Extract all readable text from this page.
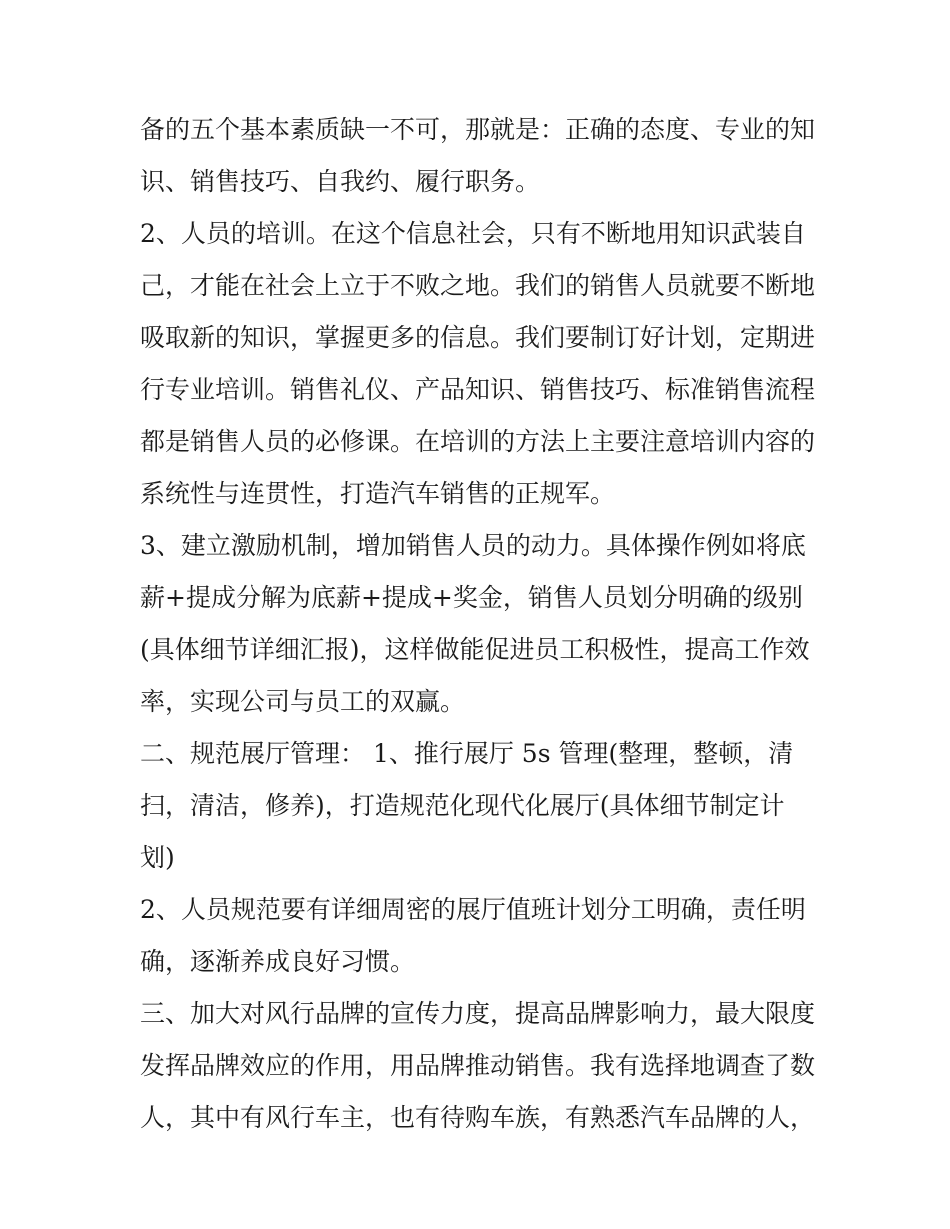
备的五个基本素质缺一不可，那就是：正确的态度、专业的知
识、销售技巧、自我约、履行职务。
2、人员的培训。在这个信息社会，只有不断地用知识武装自
己，才能在社会上立于不败之地。我们的销售人员就要不断地
吸取新的知识，掌握更多的信息。我们要制订好计划，定期进
行专业培训。销售礼仪、产品知识、销售技巧、标准销售流程
都是销售人员的必修课。在培训的方法上主要注意培训内容的
系统性与连贯性，打造汽车销售的正规军。
3、建立激励机制，增加销售人员的动力。具体操作例如将底
薪+提成分解为底薪+提成+奖金，销售人员划分明确的级别
(具体细节详细汇报)，这样做能促进员工积极性，提高工作效
率，实现公司与员工的双赢。
二、规范展厅管理： 1、推行展厅 5s 管理(整理，整顿，清
扫，清洁，修养)，打造规范化现代化展厅(具体细节制定计
划)
2、人员规范要有详细周密的展厅值班计划分工明确，责任明
确，逐渐养成良好习惯。
三、加大对风行品牌的宣传力度，提高品牌影响力，最大限度
发挥品牌效应的作用，用品牌推动销售。我有选择地调查了数
人，其中有风行车主，也有待购车族，有熟悉汽车品牌的人，
